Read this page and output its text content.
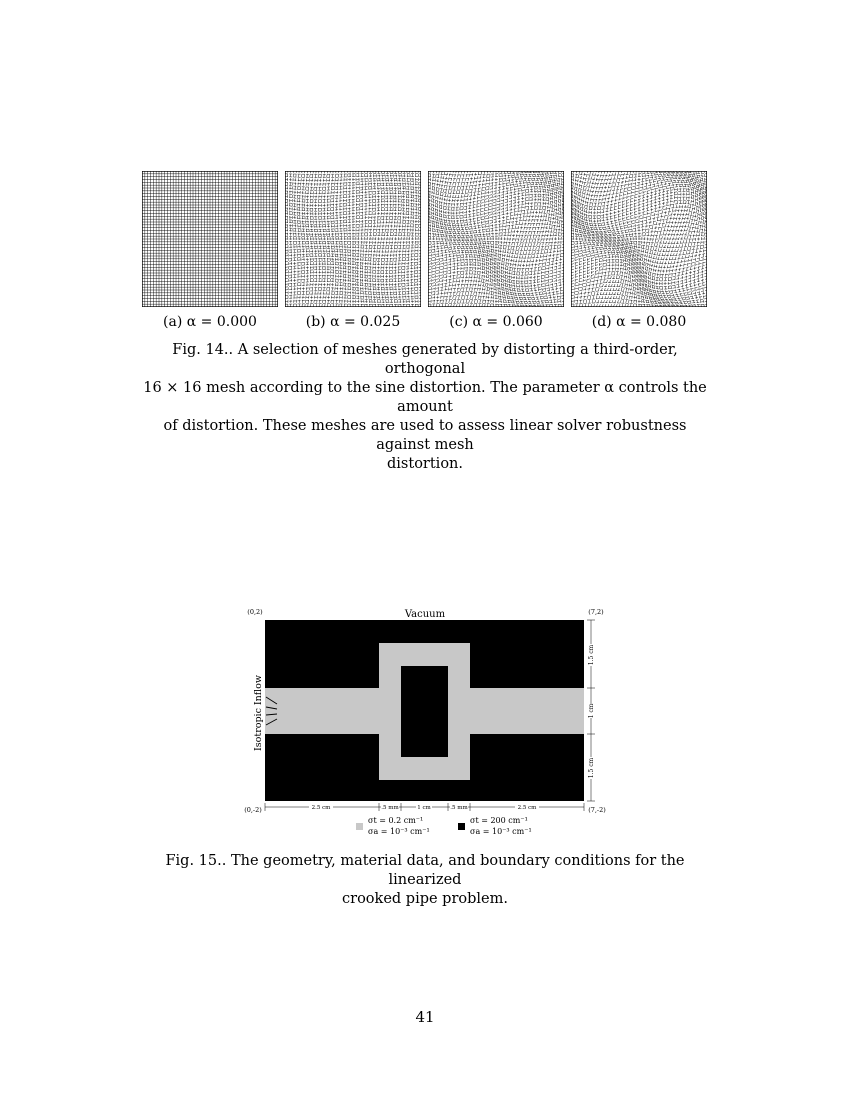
(a) α = 0.000	(b) α = 0.025	(c) α = 0.060	(d) α = 0.080
Fig. 14.. A selection of meshes generated by distorting a third-order, orthogonal
16 × 16 mesh according to the sine distortion. The parameter α controls the amount
of distortion. These meshes are used to assess linear solver robustness against mesh
distortion.
(0,2)	(7,2)
(0,-2)	(7,-2)
Vacuum
Isotropic Inflow
1.5 cm
1 cm
1.5 cm
2.5 cm	.5 mm	1 cm	.5 mm	2.5 cm
σt = 0.2 cm⁻¹
σa = 10⁻³ cm⁻¹
σt = 200 cm⁻¹
σa = 10⁻³ cm⁻¹
Fig. 15.. The geometry, material data, and boundary conditions for the linearized
crooked pipe problem.
41
